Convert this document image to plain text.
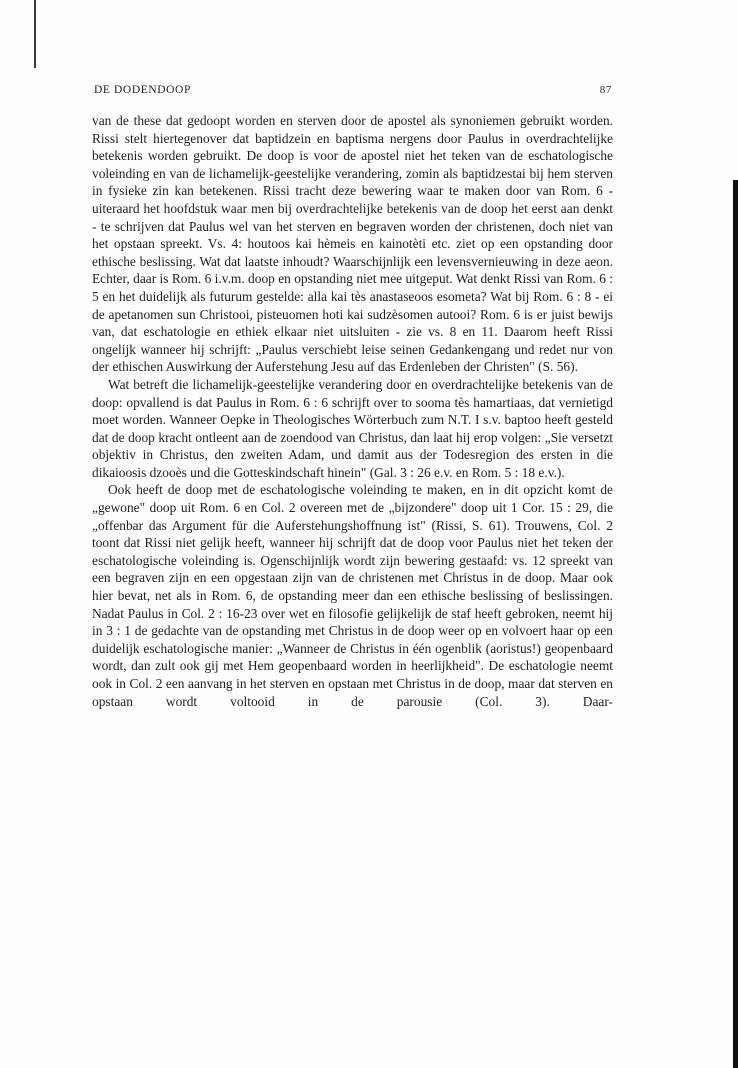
DE DODENDOOP	87

van de these dat gedoopt worden en sterven door de apostel als synoniemen gebruikt worden. Rissi stelt hiertegenover dat baptidzein en baptisma nergens door Paulus in overdrachtelijke betekenis worden gebruikt. De doop is voor de apostel niet het teken van de eschatologische voleinding en van de lichamelijk-geestelijke verandering, zomin als baptidzestai bij hem sterven in fysieke zin kan betekenen. Rissi tracht deze bewering waar te maken door van Rom. 6 - uiteraard het hoofdstuk waar men bij overdrachtelijke betekenis van de doop het eerst aan denkt - te schrijven dat Paulus wel van het sterven en begraven worden der christenen, doch niet van het opstaan spreekt. Vs. 4: houtoos kai hèmeis en kainotèti etc. ziet op een opstanding door ethische beslissing. Wat dat laatste inhoudt? Waarschijnlijk een levensvernieuwing in deze aeon. Echter, daar is Rom. 6 i.v.m. doop en opstanding niet mee uitgeput. Wat denkt Rissi van Rom. 6 : 5 en het duidelijk als futurum gestelde: alla kai tès anastaseoos esometa? Wat bij Rom. 6 : 8 - ei de apetanomen sun Christooi, pisteuomen hoti kai sudzèsomen autooi? Rom. 6 is er juist bewijs van, dat eschatologie en ethiek elkaar niet uitsluiten - zie vs. 8 en 11. Daarom heeft Rissi ongelijk wanneer hij schrijft: „Paulus verschiebt leise seinen Gedankengang und redet nur von der ethischen Auswirkung der Auferstehung Jesu auf das Erdenleben der Christen" (S. 56).

Wat betreft die lichamelijk-geestelijke verandering door en overdrachtelijke betekenis van de doop: opvallend is dat Paulus in Rom. 6 : 6 schrijft over to sooma tès hamartiaas, dat vernietigd moet worden. Wanneer Oepke in Theologisches Wörterbuch zum N.T. I s.v. baptoo heeft gesteld dat de doop kracht ontleent aan de zoendood van Christus, dan laat hij erop volgen: „Sie versetzt objektiv in Christus, den zweiten Adam, und damit aus der Todesregion des ersten in die dikaioosis dzooès und die Gotteskindschaft hinein" (Gal. 3 : 26 e.v. en Rom. 5 : 18 e.v.).

Ook heeft de doop met de eschatologische voleinding te maken, en in dit opzicht komt de „gewone" doop uit Rom. 6 en Col. 2 overeen met de „bijzondere" doop uit 1 Cor. 15 : 29, die „offenbar das Argument für die Auferstehungshoffnung ist" (Rissi, S. 61). Trouwens, Col. 2 toont dat Rissi niet gelijk heeft, wanneer hij schrijft dat de doop voor Paulus niet het teken der eschatologische voleinding is. Ogenschijnlijk wordt zijn bewering gestaafd: vs. 12 spreekt van een begraven zijn en een opgestaan zijn van de christenen met Christus in de doop. Maar ook hier bevat, net als in Rom. 6, de opstanding meer dan een ethische beslissing of beslissingen. Nadat Paulus in Col. 2 : 16-23 over wet en filosofie gelijkelijk de staf heeft gebroken, neemt hij in 3 : 1 de gedachte van de opstanding met Christus in de doop weer op en volvoert haar op een duidelijk eschatologische manier: „Wanneer de Christus in één ogenblik (aoristus!) geopenbaard wordt, dan zult ook gij met Hem geopenbaard worden in heerlijkheid". De eschatologie neemt ook in Col. 2 een aanvang in het sterven en opstaan met Christus in de doop, maar dat sterven en opstaan wordt voltooid in de parousie (Col. 3). Daar-
